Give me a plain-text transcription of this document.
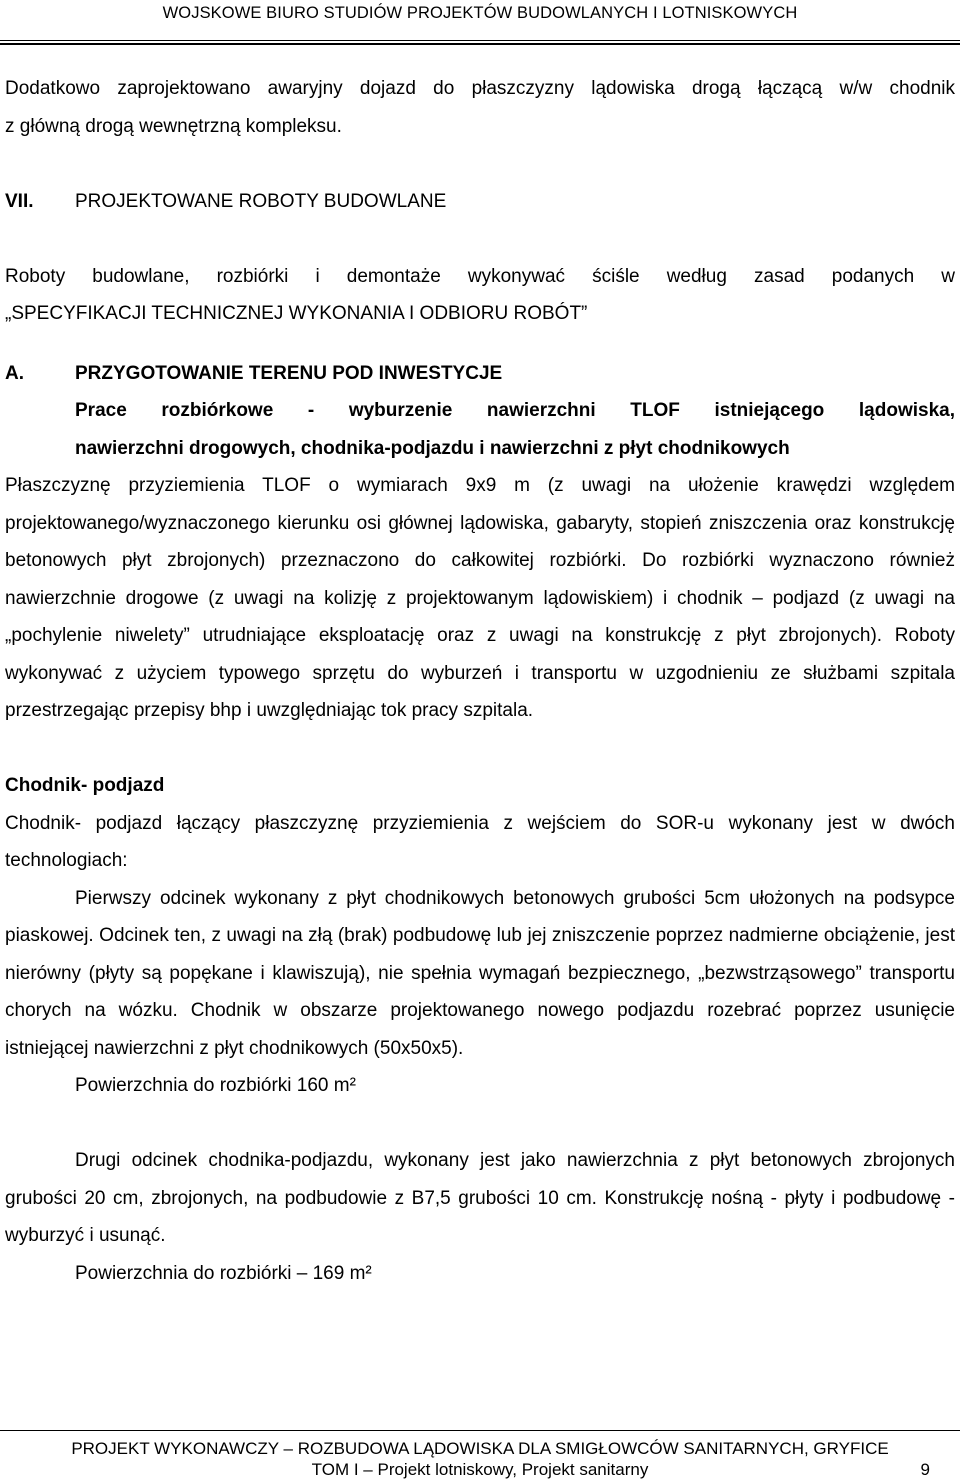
WOJSKOWE BIURO STUDIÓW PROJEKTÓW BUDOWLANYCH I LOTNISKOWYCH

Dodatkowo zaprojektowano awaryjny dojazd do płaszczyzny lądowiska drogą łączącą w/w chodnik

z główną drogą wewnętrzną kompleksu.

VII.	PROJEKTOWANE ROBOTY BUDOWLANE

Roboty budowlane, rozbiórki i demontaże wykonywać ściśle według zasad podanych w

„SPECYFIKACJI TECHNICZNEJ WYKONANIA I ODBIORU ROBÓT”

A.	PRZYGOTOWANIE TERENU POD INWESTYCJE

Prace rozbiórkowe - wyburzenie nawierzchni TLOF istniejącego lądowiska,

nawierzchni drogowych, chodnika-podjazdu i nawierzchni z płyt chodnikowych

Płaszczyznę przyziemienia TLOF o wymiarach 9x9 m (z uwagi na ułożenie krawędzi względem projektowanego/wyznaczonego kierunku osi głównej lądowiska, gabaryty, stopień zniszczenia oraz konstrukcję betonowych płyt zbrojonych) przeznaczono do całkowitej rozbiórki. Do rozbiórki wyznaczono również nawierzchnie drogowe (z uwagi na kolizję z projektowanym lądowiskiem) i chodnik – podjazd (z uwagi na „pochylenie niwelety” utrudniające eksploatację oraz z uwagi na konstrukcję z płyt zbrojonych). Roboty wykonywać z użyciem typowego sprzętu do wyburzeń i transportu w uzgodnieniu ze służbami szpitala przestrzegając przepisy bhp i uwzględniając tok pracy szpitala.

Chodnik- podjazd

Chodnik- podjazd łączący płaszczyznę przyziemienia z wejściem do SOR-u wykonany jest w dwóch technologiach:

Pierwszy odcinek wykonany z płyt chodnikowych betonowych grubości 5cm ułożonych na podsypce piaskowej. Odcinek ten, z uwagi na złą (brak) podbudowę lub jej zniszczenie poprzez nadmierne obciążenie, jest nierówny (płyty są popękane i klawiszują), nie spełnia wymagań bezpiecznego, „bezwstrząsowego” transportu chorych na wózku. Chodnik w obszarze projektowanego nowego podjazdu rozebrać poprzez usunięcie istniejącej nawierzchni z płyt chodnikowych (50x50x5).

Powierzchnia do rozbiórki 160 m²

Drugi odcinek chodnika-podjazdu, wykonany jest jako nawierzchnia z płyt betonowych zbrojonych grubości 20 cm, zbrojonych, na podbudowie z B7,5 grubości 10 cm. Konstrukcję nośną - płyty i podbudowę - wyburzyć i usunąć.

Powierzchnia do rozbiórki – 169 m²

PROJEKT WYKONAWCZY – ROZBUDOWA LĄDOWISKA DLA SMIGŁOWCÓW SANITARNYCH, GRYFICE
TOM I – Projekt lotniskowy, Projekt sanitarny	9
